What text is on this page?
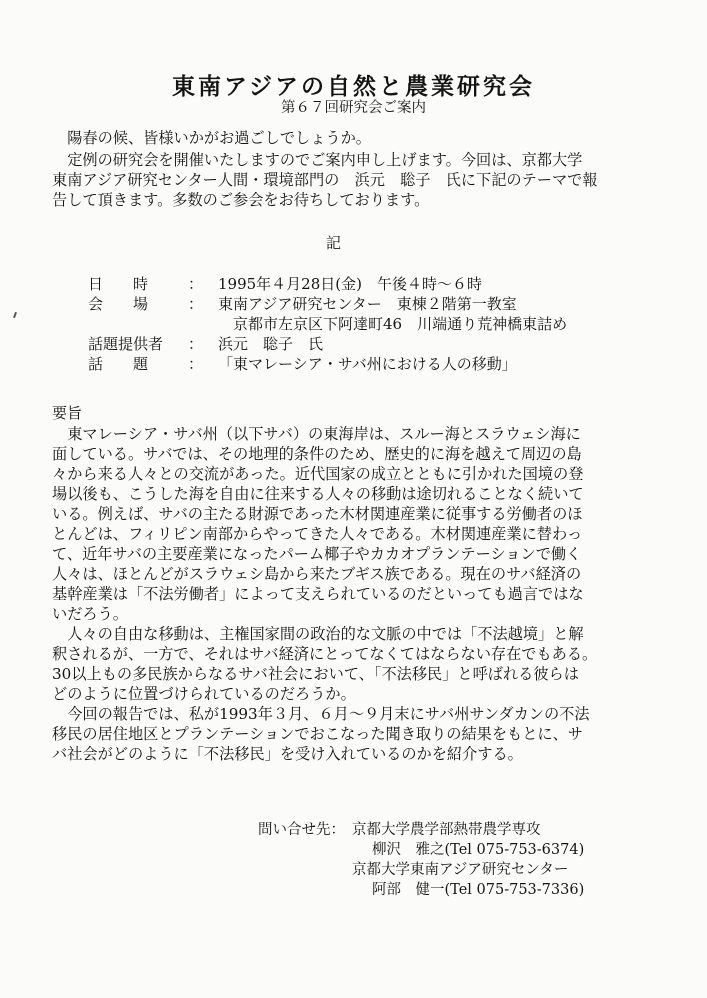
東南アジアの自然と農業研究会
第６７回研究会ご案内
　陽春の候、皆様いかがお過ごしでしょうか。
　定例の研究会を開催いたしますのでご案内申し上げます。今回は、京都大学
東南アジア研究センター人間・環境部門の　浜元　聡子　氏に下記のテーマで報
告して頂きます。多数のご参会をお待ちしております。
記
日　　時	： 1995年４月28日(金)　午後４時～６時
会　　場	： 東南アジア研究センター　東棟２階第一教室
　京都市左京区下阿達町46　川端通り荒神橋東詰め
話題提供者	： 浜元　聡子　氏
話　　題	： 「東マレーシア・サバ州における人の移動」
要旨
　東マレーシア・サバ州（以下サバ）の東海岸は、スルー海とスラウェシ海に
面している。サバでは、その地理的条件のため、歴史的に海を越えて周辺の島
々から来る人々との交流があった。近代国家の成立とともに引かれた国境の登
場以後も、こうした海を自由に往来する人々の移動は途切れることなく続いて
いる。例えば、サバの主たる財源であった木材関連産業に従事する労働者のほ
とんどは、フィリピン南部からやってきた人々である。木材関連産業に替わっ
て、近年サバの主要産業になったパーム椰子やカカオプランテーションで働く
人々は、ほとんどがスラウェシ島から来たブギス族である。現在のサバ経済の
基幹産業は「不法労働者」によって支えられているのだといっても過言ではな
いだろう。
　人々の自由な移動は、主権国家間の政治的な文脈の中では「不法越境」と解
釈されるが、一方で、それはサバ経済にとってなくてはならない存在でもある。
30以上もの多民族からなるサバ社会において、「不法移民」と呼ばれる彼らは
どのように位置づけられているのだろうか。
　今回の報告では、私が1993年３月、６月～９月末にサバ州サンダカンの不法
移民の居住地区とプランテーションでおこなった聞き取りの結果をもとに、サ
バ社会がどのように「不法移民」を受け入れているのかを紹介する。
問い合せ先： 京都大学農学部熱帯農学専攻
柳沢　雅之(Tel 075-753-6374)
京都大学東南アジア研究センター
阿部　健一(Tel 075-753-7336)
